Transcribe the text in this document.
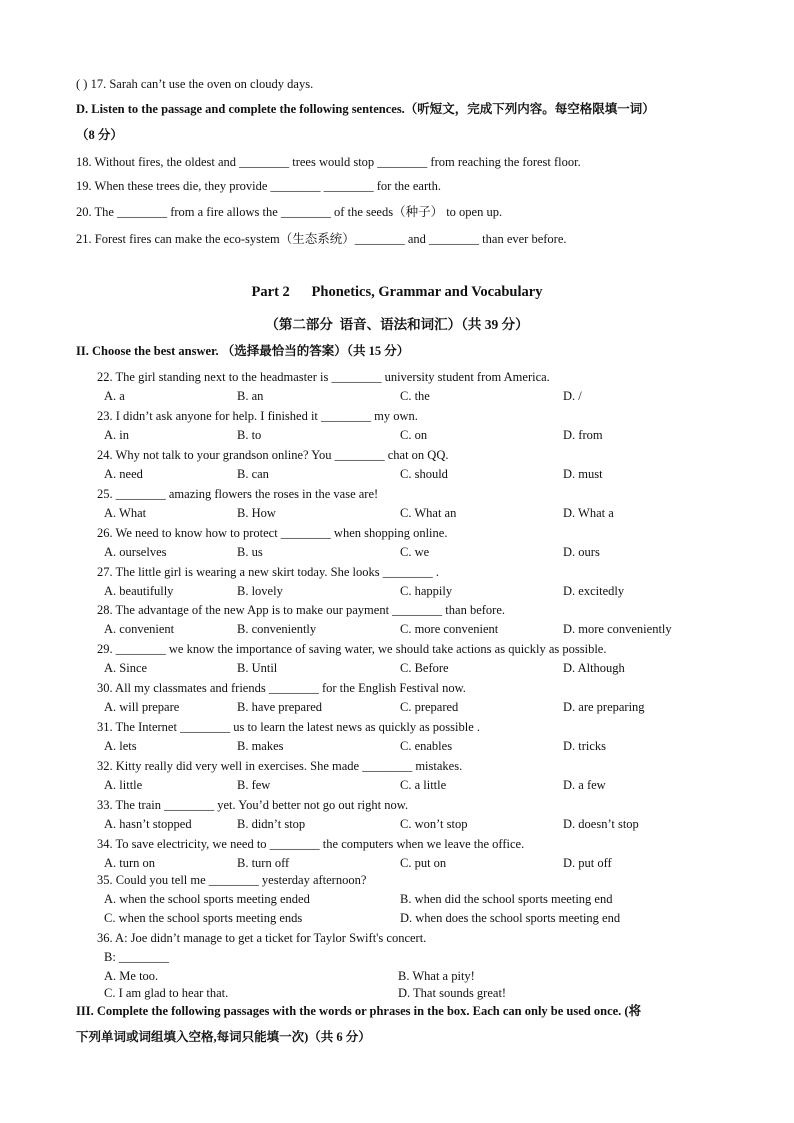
( ) 17. Sarah can’t use the oven on cloudy days.
D. Listen to the passage and complete the following sentences.（听短文，完成下列内容。每空格限填一词）
（8 分）
18. Without fires, the oldest and ________ trees would stop ________ from reaching the forest floor.
19. When these trees die, they provide ________ ________ for the earth.
20. The ________ from a fire allows the ________ of the seeds（种子） to open up.
21. Forest fires can make the eco-system（生态系统）________ and ________ than ever before.
Part 2      Phonetics, Grammar and Vocabulary
（第二部分  语音、语法和词汇）（共 39 分）
II. Choose the best answer. （选择最恰当的答案）（共 15 分）
22. The girl standing next to the headmaster is ________ university student from America.
A. a	B. an	C. the	D. /
23. I didn’t ask anyone for help. I finished it ________ my own.
A. in	B. to	C. on	D. from
24. Why not talk to your grandson online? You ________ chat on QQ.
A. need	B. can	C. should	D. must
25. ________ amazing flowers the roses in the vase are!
A. What	B. How	C. What an	D. What a
26. We need to know how to protect ________ when shopping online.
A. ourselves	B. us	C. we	D. ours
27. The little girl is wearing a new skirt today. She looks ________ .
A. beautifully	B. lovely	C. happily	D. excitedly
28. The advantage of the new App is to make our payment ________ than before.
A. convenient	B. conveniently	C. more convenient	D. more conveniently
29. ________ we know the importance of saving water, we should take actions as quickly as possible.
A. Since	B. Until	C. Before	D. Although
30. All my classmates and friends ________ for the English Festival now.
A. will prepare	B. have prepared	C. prepared	D. are preparing
31. The Internet ________ us to learn the latest news as quickly as possible .
A. lets	B. makes	C. enables	D. tricks
32. Kitty really did very well in exercises. She made ________ mistakes.
A. little	B. few	C. a little	D. a few
33. The train ________ yet. You’d better not go out right now.
A. hasn’t stopped	B. didn’t stop	C. won’t stop	D. doesn’t stop
34. To save electricity, we need to ________ the computers when we leave the office.
A. turn on	B. turn off	C. put on	D. put off
35. Could you tell me ________ yesterday afternoon?
A. when the school sports meeting ended	B. when did the school sports meeting end
C. when the school sports meeting ends	D. when does the school sports meeting end
36. A: Joe didn’t manage to get a ticket for Taylor Swift's concert.
B: ________
A. Me too.	B. What a pity!
C. I am glad to hear that.	D. That sounds great!
III. Complete the following passages with the words or phrases in the box. Each can only be used once. (将
下列单词或词组填入空格,每词只能填一次)（共 6 分）
